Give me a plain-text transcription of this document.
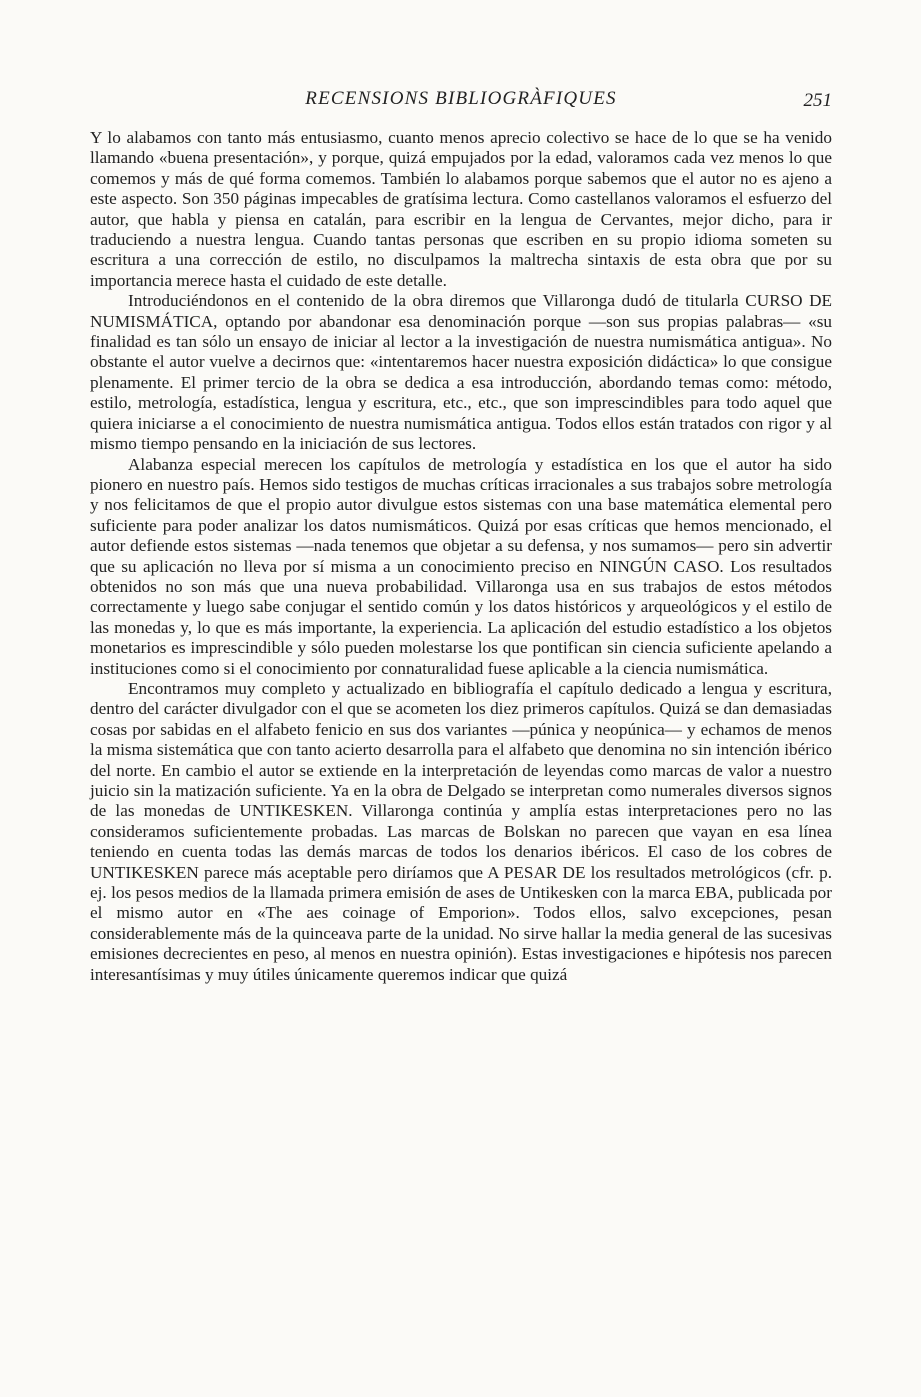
RECENSIONS BIBLIOGRÀFIQUES	251

Y lo alabamos con tanto más entusiasmo, cuanto menos aprecio colectivo se hace de lo que se ha venido llamando «buena presentación», y porque, quizá empujados por la edad, valoramos cada vez menos lo que comemos y más de qué forma comemos. También lo alabamos porque sabemos que el autor no es ajeno a este aspecto. Son 350 páginas impecables de gratísima lectura. Como castellanos valoramos el esfuerzo del autor, que habla y piensa en catalán, para escribir en la lengua de Cervantes, mejor dicho, para ir traduciendo a nuestra lengua. Cuando tantas personas que escriben en su propio idioma someten su escritura a una corrección de estilo, no disculpamos la maltrecha sintaxis de esta obra que por su importancia merece hasta el cuidado de este detalle.

Introduciéndonos en el contenido de la obra diremos que Villaronga dudó de titularla CURSO DE NUMISMÁTICA, optando por abandonar esa denominación porque —son sus propias palabras— «su finalidad es tan sólo un ensayo de iniciar al lector a la investigación de nuestra numismática antigua». No obstante el autor vuelve a decirnos que: «intentaremos hacer nuestra exposición didáctica» lo que consigue plenamente. El primer tercio de la obra se dedica a esa introducción, abordando temas como: método, estilo, metrología, estadística, lengua y escritura, etc., etc., que son imprescindibles para todo aquel que quiera iniciarse a el conocimiento de nuestra numismática antigua. Todos ellos están tratados con rigor y al mismo tiempo pensando en la iniciación de sus lectores.

Alabanza especial merecen los capítulos de metrología y estadística en los que el autor ha sido pionero en nuestro país. Hemos sido testigos de muchas críticas irracionales a sus trabajos sobre metrología y nos felicitamos de que el propio autor divulgue estos sistemas con una base matemática elemental pero suficiente para poder analizar los datos numismáticos. Quizá por esas críticas que hemos mencionado, el autor defiende estos sistemas —nada tenemos que objetar a su defensa, y nos sumamos— pero sin advertir que su aplicación no lleva por sí misma a un conocimiento preciso en NINGÚN CASO. Los resultados obtenidos no son más que una nueva probabilidad. Villaronga usa en sus trabajos de estos métodos correctamente y luego sabe conjugar el sentido común y los datos históricos y arqueológicos y el estilo de las monedas y, lo que es más importante, la experiencia. La aplicación del estudio estadístico a los objetos monetarios es imprescindible y sólo pueden molestarse los que pontifican sin ciencia suficiente apelando a instituciones como si el conocimiento por connaturalidad fuese aplicable a la ciencia numismática.

Encontramos muy completo y actualizado en bibliografía el capítulo dedicado a lengua y escritura, dentro del carácter divulgador con el que se acometen los diez primeros capítulos. Quizá se dan demasiadas cosas por sabidas en el alfabeto fenicio en sus dos variantes —púnica y neopúnica— y echamos de menos la misma sistemática que con tanto acierto desarrolla para el alfabeto que denomina no sin intención ibérico del norte. En cambio el autor se extiende en la interpretación de leyendas como marcas de valor a nuestro juicio sin la matización suficiente. Ya en la obra de Delgado se interpretan como numerales diversos signos de las monedas de UNTIKESKEN. Villaronga continúa y amplía estas interpretaciones pero no las consideramos suficientemente probadas. Las marcas de Bolskan no parecen que vayan en esa línea teniendo en cuenta todas las demás marcas de todos los denarios ibéricos. El caso de los cobres de UNTIKESKEN parece más aceptable pero diríamos que A PESAR DE los resultados metrológicos (cfr. p. ej. los pesos medios de la llamada primera emisión de ases de Untikesken con la marca EBA, publicada por el mismo autor en «The aes coinage of Emporion». Todos ellos, salvo excepciones, pesan considerablemente más de la quinceava parte de la unidad. No sirve hallar la media general de las sucesivas emisiones decrecientes en peso, al menos en nuestra opinión). Estas investigaciones e hipótesis nos parecen interesantísimas y muy útiles únicamente queremos indicar que quizá
